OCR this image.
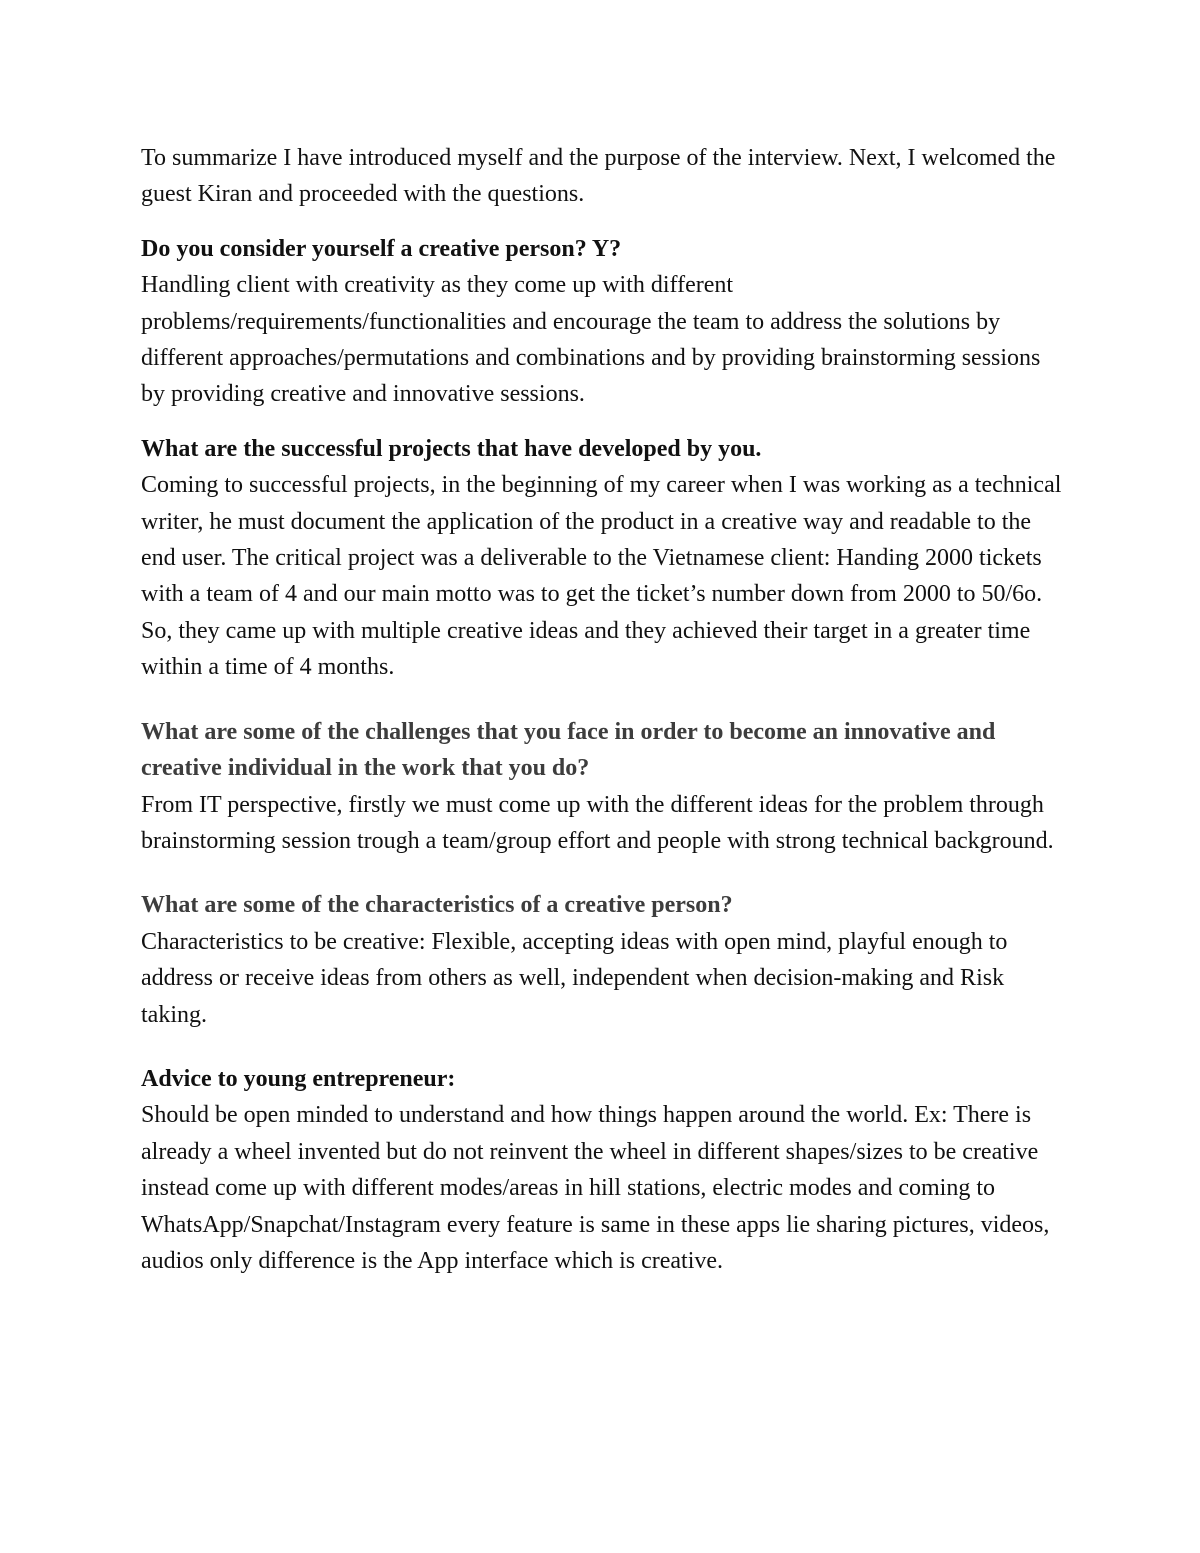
To summarize I have introduced myself and the purpose of the interview. Next, I welcomed the guest Kiran and proceeded with the questions.

Do you consider yourself a creative person? Y?
Handling client with creativity as they come up with different problems/requirements/functionalities and encourage the team to address the solutions by different approaches/permutations and combinations and by providing brainstorming sessions by providing creative and innovative sessions.
What are the successful projects that have developed by you.
Coming to successful projects, in the beginning of my career when I was working as a technical writer, he must document the application of the product in a creative way and readable to the end user. The critical project was a deliverable to the Vietnamese client: Handing 2000 tickets with a team of 4 and our main motto was to get the ticket’s number down from 2000 to 50/6o. So, they came up with multiple creative ideas and they achieved their target in a greater time within a time of 4 months.
What are some of the challenges that you face in order to become an innovative and creative individual in the work that you do?
From IT perspective, firstly we must come up with the different ideas for the problem through brainstorming session trough a team/group effort and people with strong technical background.
What are some of the characteristics of a creative person?
Characteristics to be creative: Flexible, accepting ideas with open mind, playful enough to address or receive ideas from others as well, independent when decision-making and Risk taking.
Advice to young entrepreneur:
Should be open minded to understand and how things happen around the world. Ex: There is already a wheel invented but do not reinvent the wheel in different shapes/sizes to be creative instead come up with different modes/areas in hill stations, electric modes and coming to WhatsApp/Snapchat/Instagram every feature is same in these apps lie sharing pictures, videos, audios only difference is the App interface which is creative.
